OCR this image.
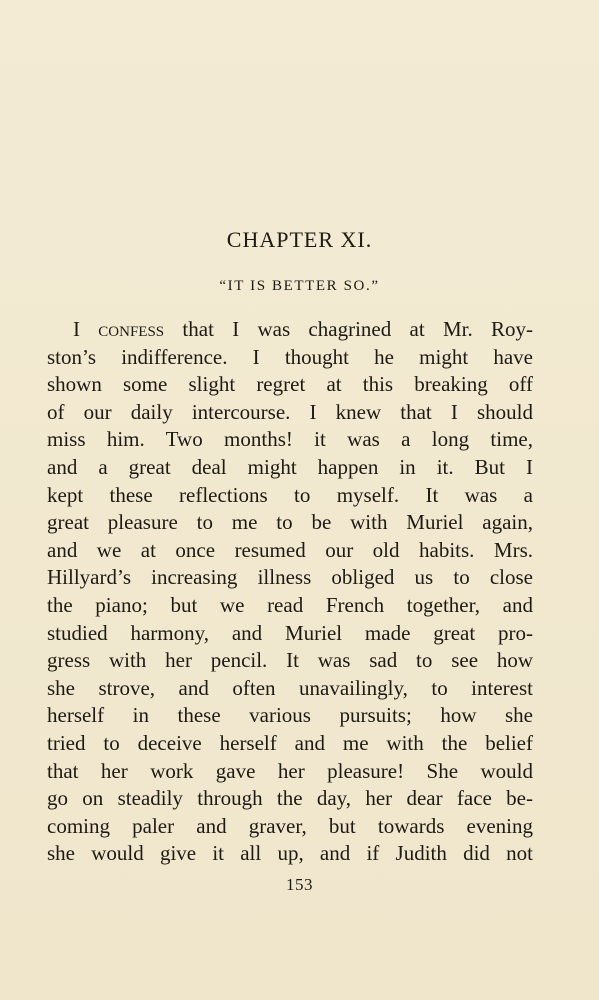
CHAPTER XI.
“IT IS BETTER SO.”
I confess that I was chagrined at Mr. Roy-
ston’s indifference. I thought he might have
shown some slight regret at this breaking off
of our daily intercourse. I knew that I should
miss him. Two months! it was a long time,
and a great deal might happen in it. But I
kept these reflections to myself. It was a
great pleasure to me to be with Muriel again,
and we at once resumed our old habits. Mrs.
Hillyard’s increasing illness obliged us to close
the piano; but we read French together, and
studied harmony, and Muriel made great pro-
gress with her pencil. It was sad to see how
she strove, and often unavailingly, to interest
herself in these various pursuits; how she
tried to deceive herself and me with the belief
that her work gave her pleasure! She would
go on steadily through the day, her dear face be-
coming paler and graver, but towards evening
she would give it all up, and if Judith did not
153
